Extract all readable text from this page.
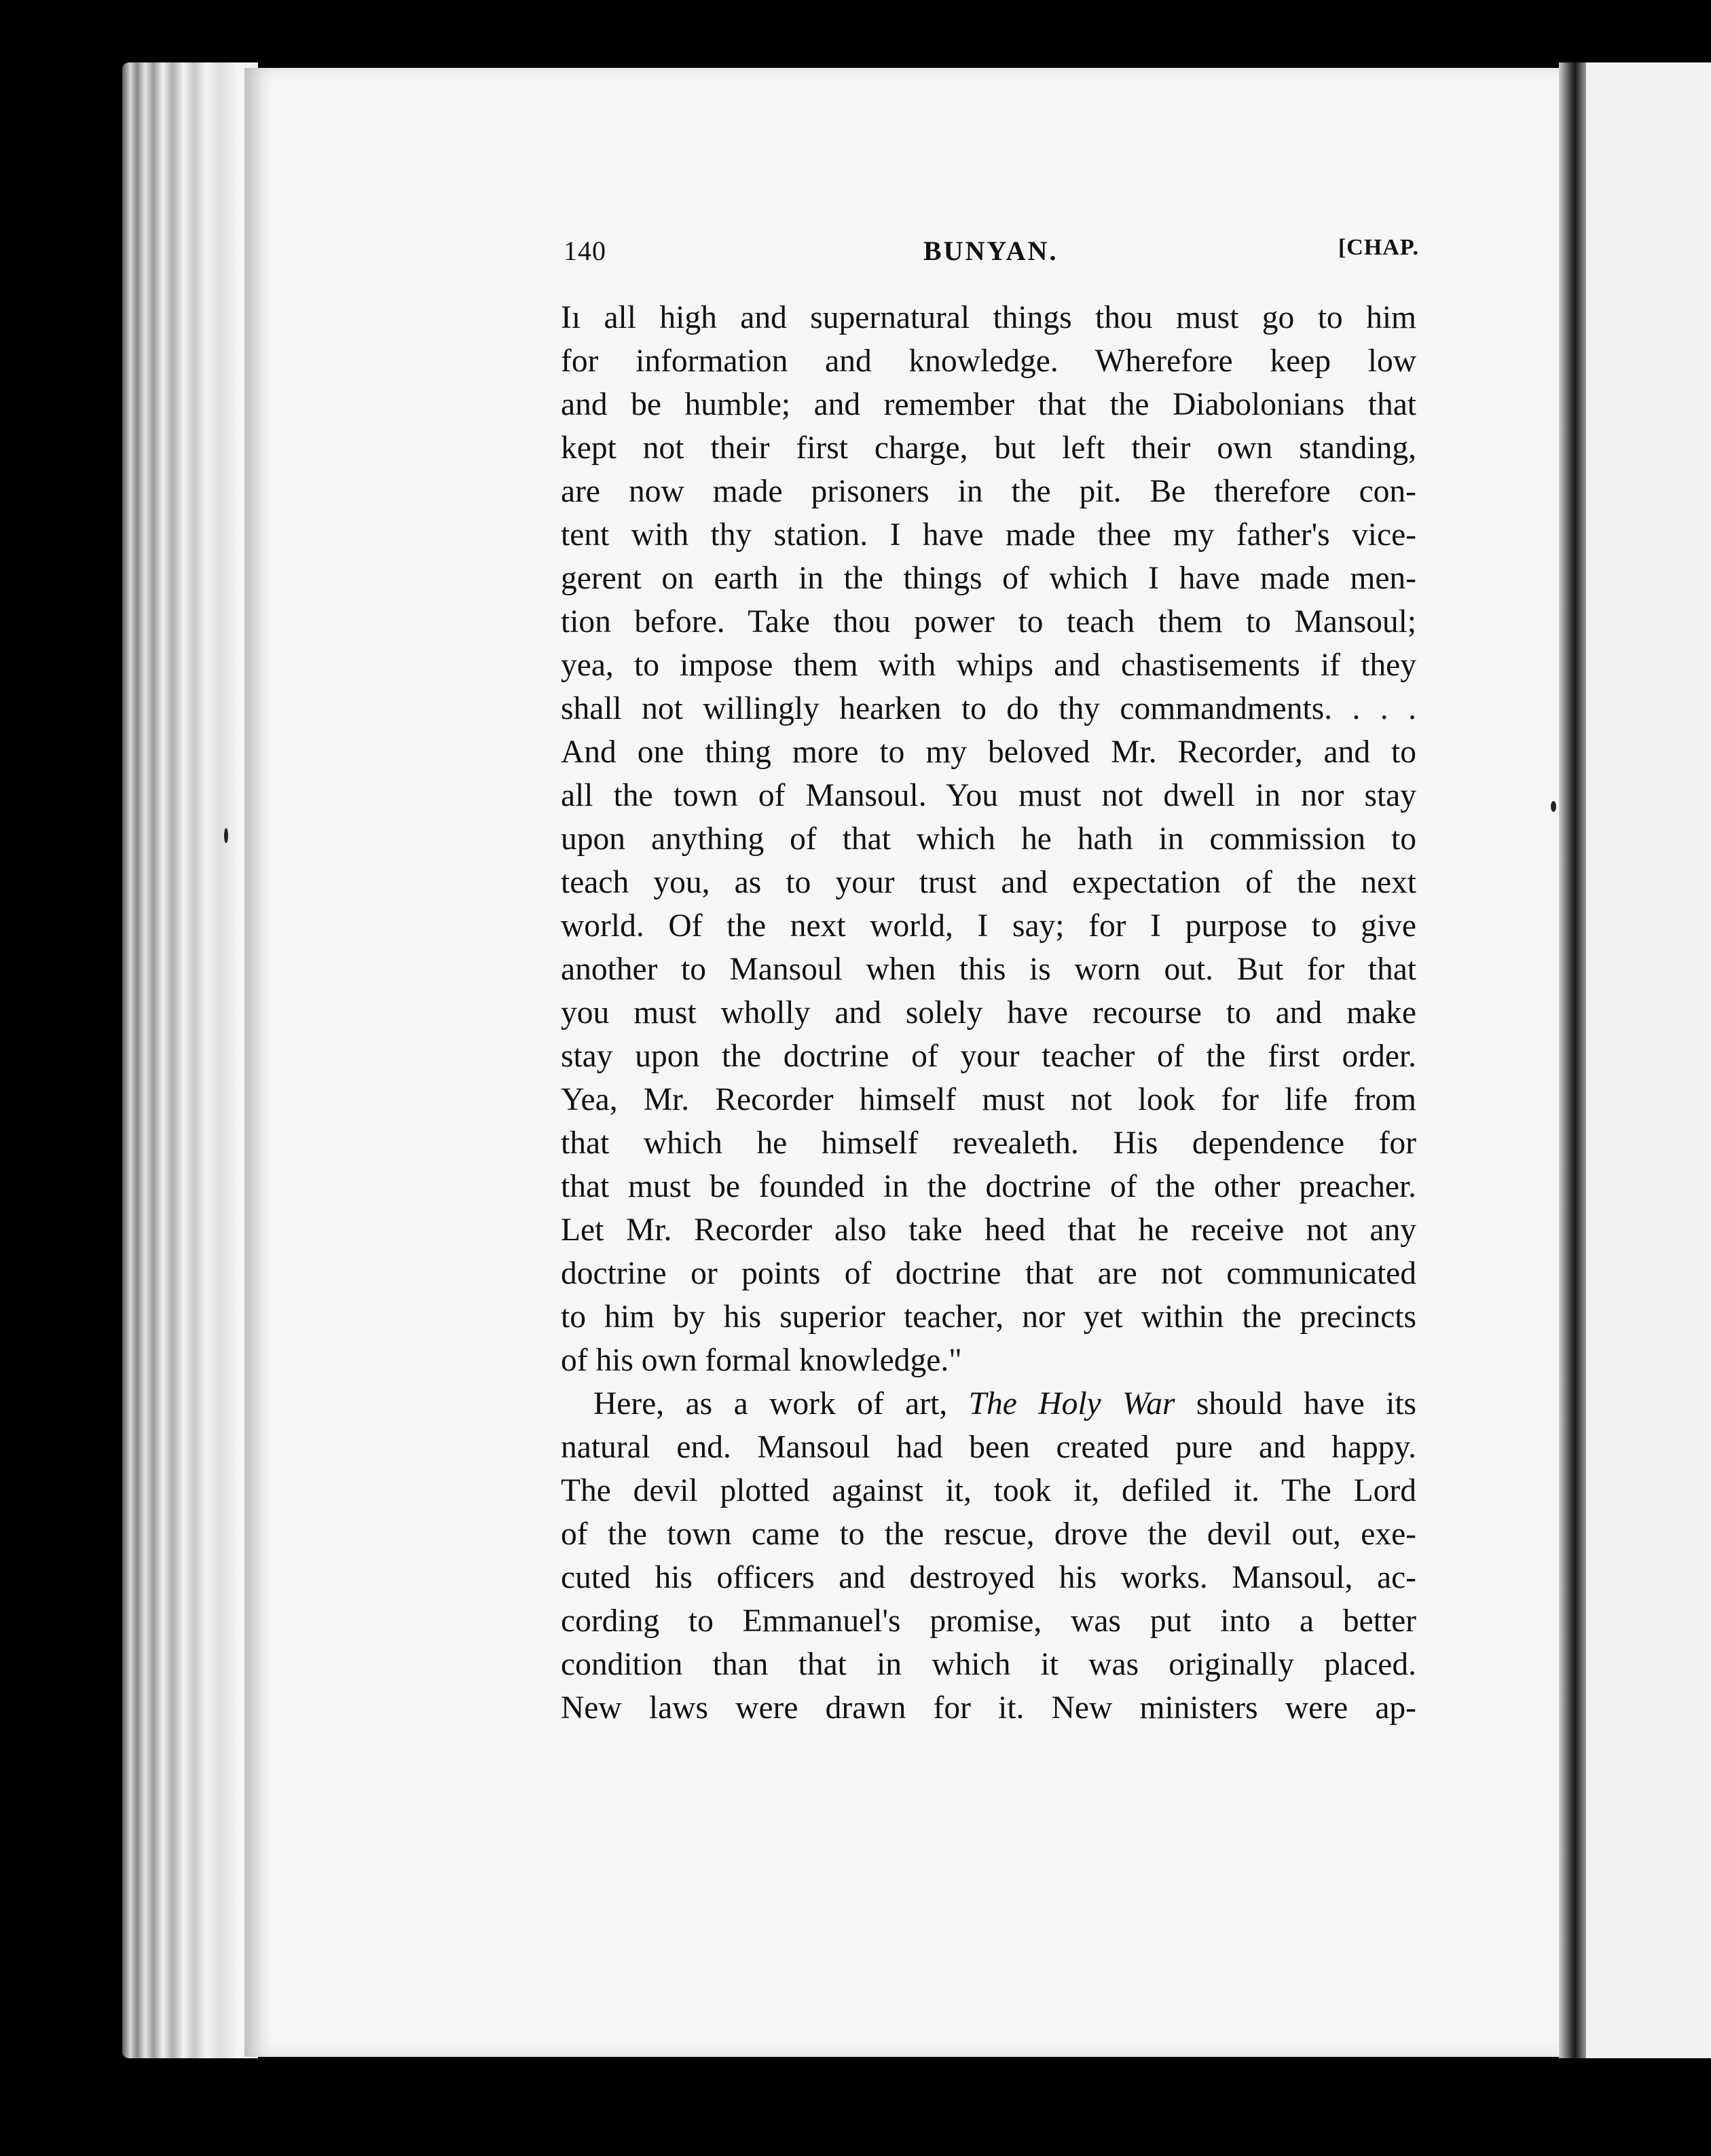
140	BUNYAN.	[CHAP.
Iı all high and supernatural things thou must go to him
for information and knowledge. Wherefore keep low
and be humble; and remember that the Diabolonians that
kept not their first charge, but left their own standing,
are now made prisoners in the pit. Be therefore con-
tent with thy station. I have made thee my father's vice-
gerent on earth in the things of which I have made men-
tion before. Take thou power to teach them to Mansoul;
yea, to impose them with whips and chastisements if they
shall not willingly hearken to do thy commandments. . . .
And one thing more to my beloved Mr. Recorder, and to
all the town of Mansoul. You must not dwell in nor stay
upon anything of that which he hath in commission to
teach you, as to your trust and expectation of the next
world. Of the next world, I say; for I purpose to give
another to Mansoul when this is worn out. But for that
you must wholly and solely have recourse to and make
stay upon the doctrine of your teacher of the first order.
Yea, Mr. Recorder himself must not look for life from
that which he himself revealeth. His dependence for
that must be founded in the doctrine of the other preacher.
Let Mr. Recorder also take heed that he receive not any
doctrine or points of doctrine that are not communicated
to him by his superior teacher, nor yet within the precincts
of his own formal knowledge."
Here, as a work of art, The Holy War should have its
natural end. Mansoul had been created pure and happy.
The devil plotted against it, took it, defiled it. The Lord
of the town came to the rescue, drove the devil out, exe-
cuted his officers and destroyed his works. Mansoul, ac-
cording to Emmanuel's promise, was put into a better
condition than that in which it was originally placed.
New laws were drawn for it. New ministers were ap-
